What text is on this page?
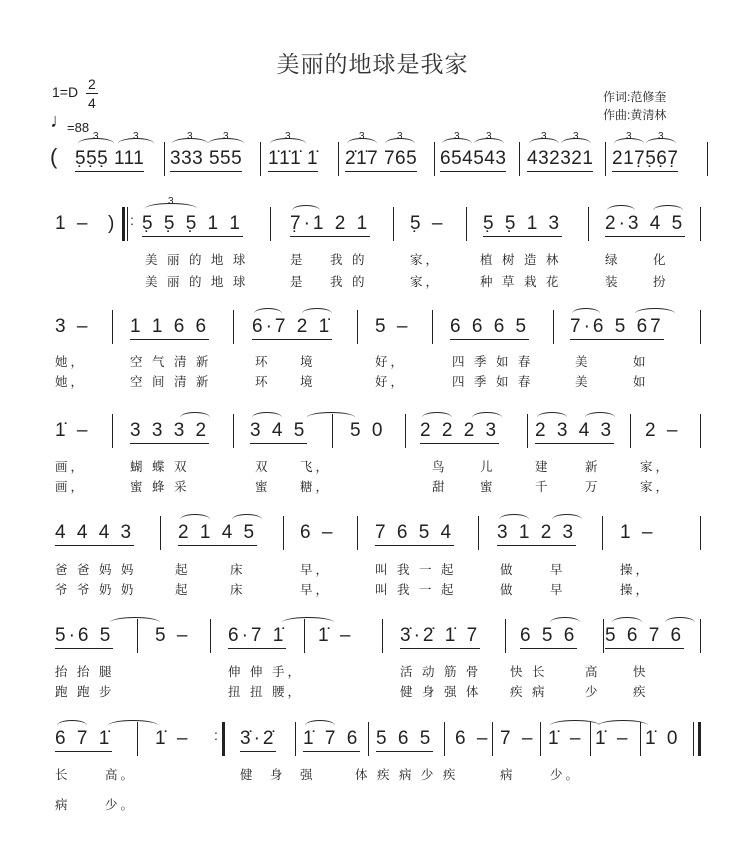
美丽的地球是我家
1=D 2
4
♩
=88
作词:范修奎
作曲:黄清林
( 5̣5̣5̣ 111 333 555 1̇1̇1̇ 1̇ 2̇1̇7 765 654543 432321 217̣5̣6̣7̣
3	3	3	3	3	3	3	3	3	3	3	3	3
1 – ) 5̣ 5̣ 5̣ 1 1 7̣·1 2 1 5̣ – 5̣ 5̣ 1 3 2·3 4 5
:
3
美 丽 的 地 球	是 我 的	家，	植 树 造 林	绿	化
美 丽 的 地 球	是 我 的	家，	种 草 栽 花	装	扮
3 – 1 1 6 6 6·7 2 1̇ 5 – 6 6 6 5 7·6 5 67
她，	空 气 清 新	环 境	好，	四 季 如 春	美	如
她，	空 间 清 新	环 境	好，	四 季 如 春	美	如
1̇ – 3 3 3 2 3 4 5 5 0 2 2 2 3 2 3 4 3 2 –
画，	蝴 蝶 双	双 飞，	鸟	儿	建	新	家，
画，	蜜 蜂 采	蜜 糖，	甜	蜜	千	万	家，
4 4 4 3 2 1 4 5 6 – 7 6 5 4 3 1 2 3 1 –
爸 爸 妈 妈	起	床	早，	叫 我 一 起	做	早	操，
爷 爷 奶 奶	起	床	早，	叫 我 一 起	做	早	操，
5·6 5 5 – 6·7 1̇ 1̇ – 3̇·2̇ 1̇ 7 6 5 6 5 6 7 6
抬 抬 腿	伸 伸 手，	活 动 筋 骨 快 长	高	快
跑 跑 步	扭 扭 腰，	健 身 强 体 疾 病	少	疾
6 7 1̇ 1̇ –	3̇·2̇ 1̇ 7 6 5 6 5 6 – 7 – 1̇ – 1̇ – 1̇ 0
:
长	高。	健 身 强	体 疾 病 少 疾	病	少。
病	少。
